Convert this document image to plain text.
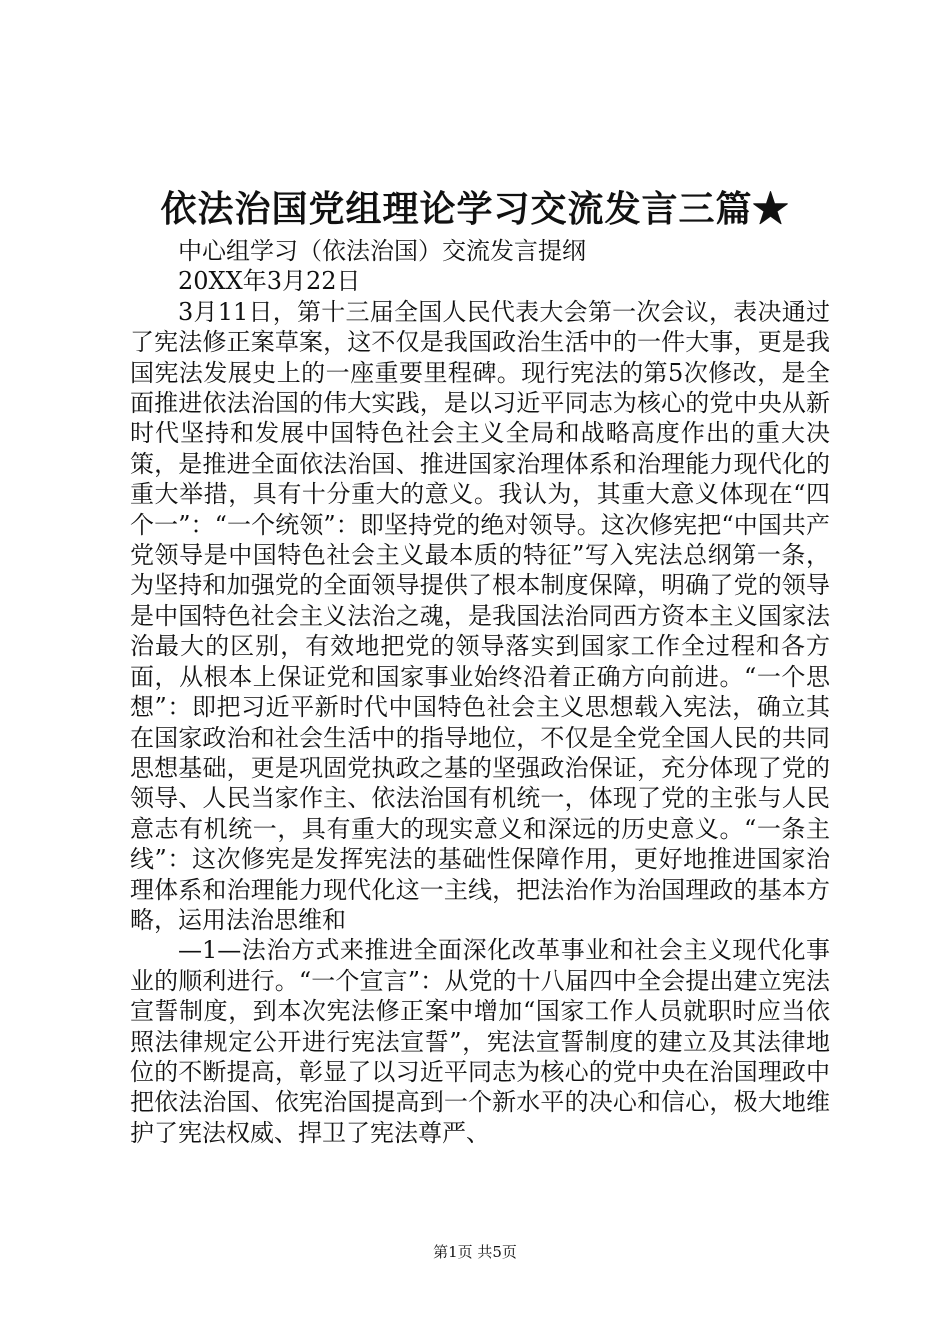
依法治国党组理论学习交流发言三篇★

中心组学习（依法治国）交流发言提纲

20XX年3月22日

3月11日，第十三届全国人民代表大会第一次会议，表决通过了宪法修正案草案，这不仅是我国政治生活中的一件大事，更是我国宪法发展史上的一座重要里程碑。现行宪法的第5次修改，是全面推进依法治国的伟大实践，是以习近平同志为核心的党中央从新时代坚持和发展中国特色社会主义全局和战略高度作出的重大决策，是推进全面依法治国、推进国家治理体系和治理能力现代化的重大举措，具有十分重大的意义。我认为，其重大意义体现在“四个一”：“一个统领”：即坚持党的绝对领导。这次修宪把“中国共产党领导是中国特色社会主义最本质的特征”写入宪法总纲第一条，为坚持和加强党的全面领导提供了根本制度保障，明确了党的领导是中国特色社会主义法治之魂，是我国法治同西方资本主义国家法治最大的区别，有效地把党的领导落实到国家工作全过程和各方面，从根本上保证党和国家事业始终沿着正确方向前进。“一个思想”：即把习近平新时代中国特色社会主义思想载入宪法，确立其在国家政治和社会生活中的指导地位，不仅是全党全国人民的共同思想基础，更是巩固党执政之基的坚强政治保证，充分体现了党的领导、人民当家作主、依法治国有机统一，体现了党的主张与人民意志有机统一，具有重大的现实意义和深远的历史意义。“一条主线”：这次修宪是发挥宪法的基础性保障作用，更好地推进国家治理体系和治理能力现代化这一主线，把法治作为治国理政的基本方略，运用法治思维和

—1—法治方式来推进全面深化改革事业和社会主义现代化事业的顺利进行。“一个宣言”：从党的十八届四中全会提出建立宪法宣誓制度，到本次宪法修正案中增加“国家工作人员就职时应当依照法律规定公开进行宪法宣誓”，宪法宣誓制度的建立及其法律地位的不断提高，彰显了以习近平同志为核心的党中央在治国理政中把依法治国、依宪治国提高到一个新水平的决心和信心，极大地维护了宪法权威、捍卫了宪法尊严、

第1页 共5页
